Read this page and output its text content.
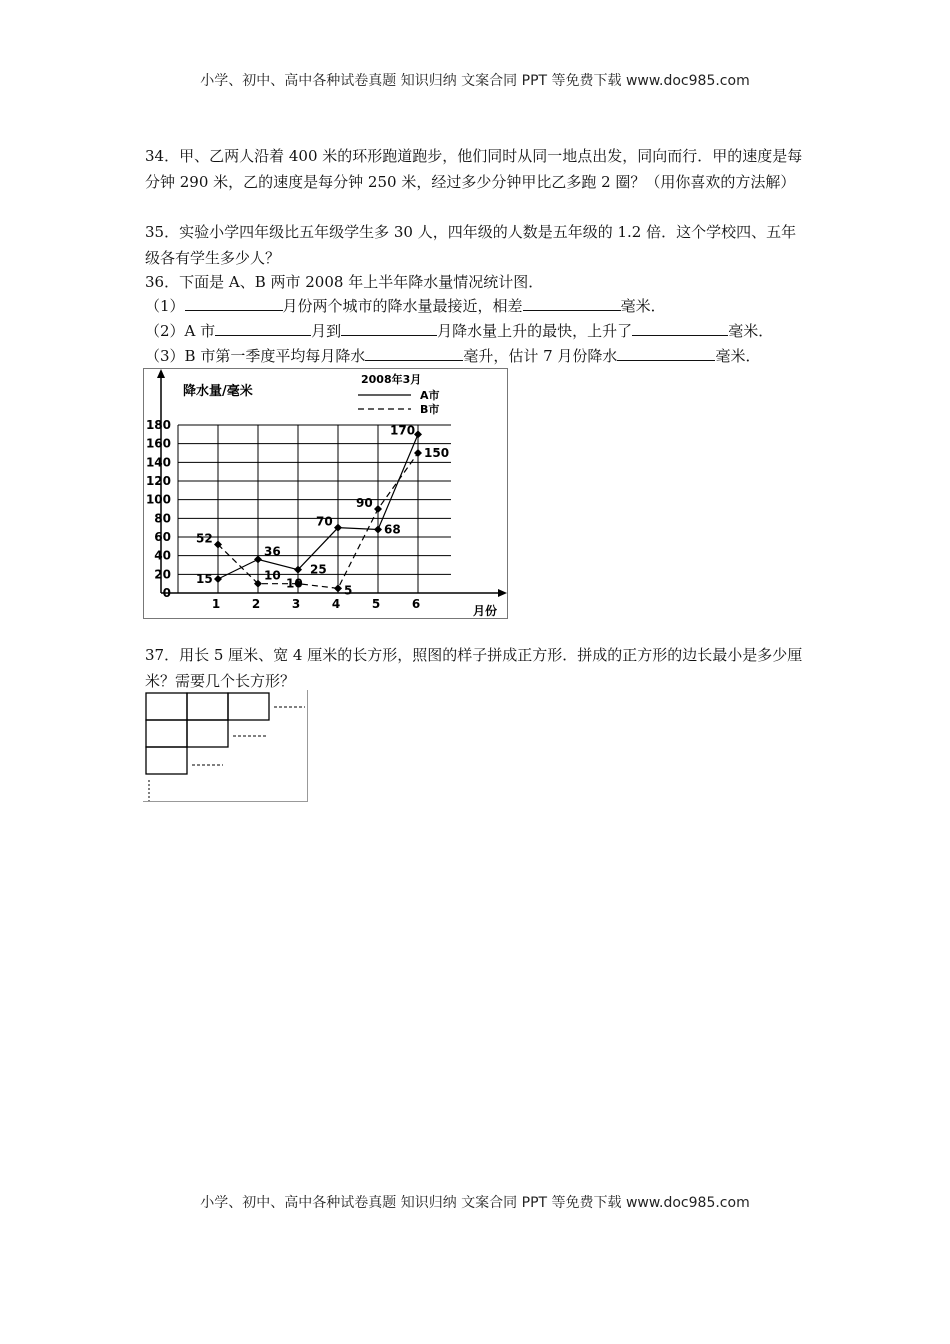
小学、初中、高中各种试卷真题 知识归纳 文案合同 PPT 等免费下载 www.doc985.com
34．甲、乙两人沿着 400 米的环形跑道跑步，他们同时从同一地点出发，同向而行．甲的速度是每分钟 290 米，乙的速度是每分钟 250 米，经过多少分钟甲比乙多跑 2 圈？（用你喜欢的方法解）
35．实验小学四年级比五年级学生多 30 人，四年级的人数是五年级的 1.2 倍．这个学校四、五年级各有学生多少人？
36．下面是 A、B 两市 2008 年上半年降水量情况统计图．
（1）	月份两个城市的降水量最接近，相差	毫米．
（2）A 市	月到	月降水量上升的最快，上升了	毫米．
（3）B 市第一季度平均每月降水	毫升，估计 7 月份降水	毫米．
降水量/毫米
2008年3月
A市
B市
0
20
40
60
80
100
120
140
160
180
1	2	3	4	5	6
52
36
15	10
10
25
70
5
90
68
170
150
月份
37．用长 5 厘米、宽 4 厘米的长方形，照图的样子拼成正方形．拼成的正方形的边长最小是多少厘米？需要几个长方形？
小学、初中、高中各种试卷真题 知识归纳 文案合同 PPT 等免费下载 www.doc985.com
